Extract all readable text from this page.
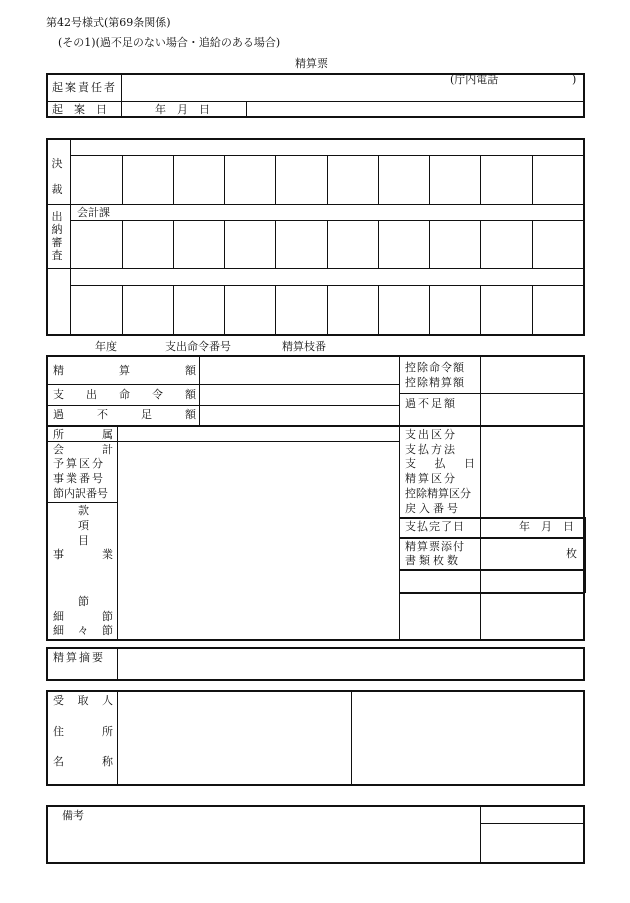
第42号様式(第69条関係)
(その1)(過不足のない場合・追給のある場合)
精算票
起案責任者
(庁内電話	)
起　案　日	年　月　日
決裁
出納審査
会計課
年度	支出命令番号	精算枝番
精	算	額
支 出 命 令 額
過	不	足	額
控除命令額
控除精算額
過不足額
所	属
会	計
予算区分
事業番号
節内訳番号
款
項
目
事	業
節
細	節
細 々 節
支出区分
支払方法
支 払 日
精算区分
控除精算区分
戻入番号
支払完了日	年　月　日
精算票添付
書類枚数
枚
精算摘要
受 取 人
住	所
名	称
備考
